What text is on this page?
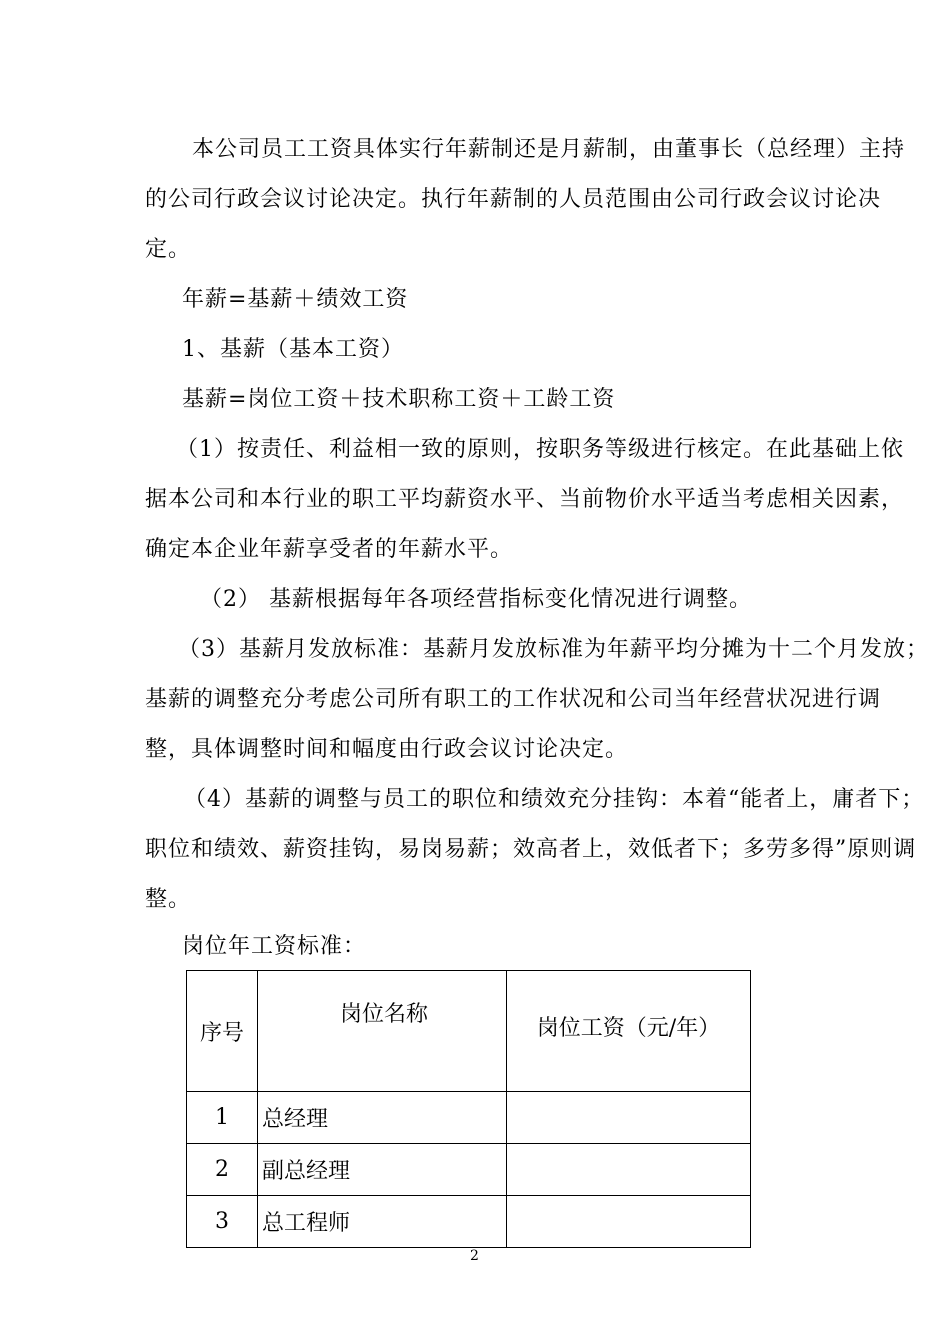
本公司员工工资具体实行年薪制还是月薪制，由董事长（总经理）主持
的公司行政会议讨论决定。执行年薪制的人员范围由公司行政会议讨论决
定。
年薪=基薪＋绩效工资
1、基薪（基本工资）
基薪=岗位工资＋技术职称工资＋工龄工资
（1）按责任、利益相一致的原则，按职务等级进行核定。在此基础上依
据本公司和本行业的职工平均薪资水平、当前物价水平适当考虑相关因素，
确定本企业年薪享受者的年薪水平。
（2） 基薪根据每年各项经营指标变化情况进行调整。
（3）基薪月发放标准：基薪月发放标准为年薪平均分摊为十二个月发放；
基薪的调整充分考虑公司所有职工的工作状况和公司当年经营状况进行调
整，具体调整时间和幅度由行政会议讨论决定。
（4）基薪的调整与员工的职位和绩效充分挂钩：本着“能者上，庸者下；
职位和绩效、薪资挂钩，易岗易薪；效高者上，效低者下；多劳多得”原则调
整。
岗位年工资标准：
序号	岗位名称	岗位工资（元/年）
1	总经理	
2	副总经理	
3	总工程师	
2
